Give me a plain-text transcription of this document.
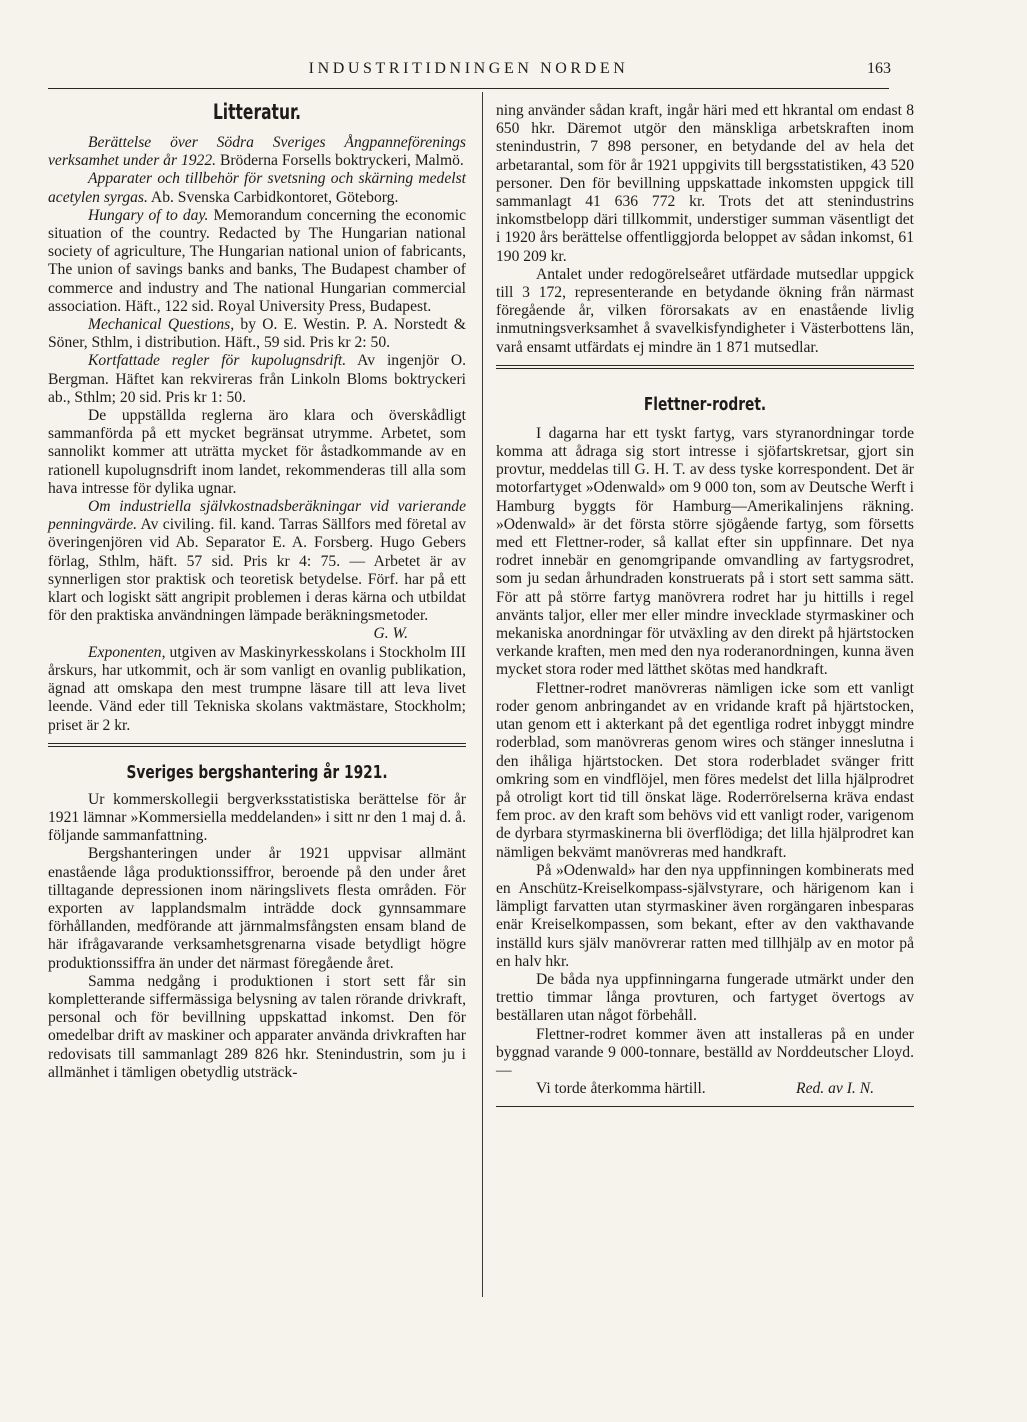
INDUSTRITIDNINGEN NORDEN	163
Litteratur.

Berättelse över Södra Sveriges Ångpanneförenings verksamhet under år 1922. Bröderna Forsells boktryckeri, Malmö.

Apparater och tillbehör för svetsning och skärning medelst acetylen syrgas. Ab. Svenska Carbidkontoret, Göteborg.

Hungary of to day. Memorandum concerning the economic situation of the country. Redacted by The Hungarian national society of agriculture, The Hungarian national union of fabricants, The union of savings banks and banks, The Budapest chamber of commerce and industry and The national Hungarian commercial association. Häft., 122 sid. Royal University Press, Budapest.

Mechanical Questions, by O. E. Westin. P. A. Norstedt & Söner, Sthlm, i distribution. Häft., 59 sid. Pris kr 2: 50.

Kortfattade regler för kupolugnsdrift. Av ingenjör O. Bergman. Häftet kan rekvireras från Linkoln Bloms boktryckeri ab., Sthlm; 20 sid. Pris kr 1: 50.

De uppställda reglerna äro klara och överskådligt sammanförda på ett mycket begränsat utrymme. Arbetet, som sannolikt kommer att uträtta mycket för åstadkommande av en rationell kupolugnsdrift inom landet, rekommenderas till alla som hava intresse för dylika ugnar.

Om industriella självkostnadsberäkningar vid varierande penningvärde. Av civiling. fil. kand. Tarras Sällfors med företal av överingenjören vid Ab. Separator E. A. Forsberg. Hugo Gebers förlag, Sthlm, häft. 57 sid. Pris kr 4: 75. — Arbetet är av synnerligen stor praktisk och teoretisk betydelse. Förf. har på ett klart och logiskt sätt angripit problemen i deras kärna och utbildat för den praktiska användningen lämpade beräkningsmetoder.

G. W.

Exponenten, utgiven av Maskinyrkesskolans i Stockholm III årskurs, har utkommit, och är som vanligt en ovanlig publikation, ägnad att omskapa den mest trumpne läsare till att leva livet leende. Vänd eder till Tekniska skolans vaktmästare, Stockholm; priset är 2 kr.

Sveriges bergshantering år 1921.

Ur kommerskollegii bergverksstatistiska berättelse för år 1921 lämnar »Kommersiella meddelanden» i sitt nr den 1 maj d. å. följande sammanfattning.

Bergshanteringen under år 1921 uppvisar allmänt enastående låga produktionssiffror, beroende på den under året tilltagande depressionen inom näringslivets flesta områden. För exporten av lapplandsmalm inträdde dock gynnsammare förhållanden, medförande att järnmalmsfångsten ensam bland de här ifrågavarande verksamhetsgrenarna visade betydligt högre produktionssiffra än under det närmast föregående året.

Samma nedgång i produktionen i stort sett får sin kompletterande siffermässiga belysning av talen rörande drivkraft, personal och för bevillning uppskattad inkomst. Den för omedelbar drift av maskiner och apparater använda drivkraften har redovisats till sammanlagt 289 826 hkr. Stenindustrin, som ju i allmänhet i tämligen obetydlig utsträck-

ning använder sådan kraft, ingår häri med ett hkrantal om endast 8 650 hkr. Däremot utgör den mänskliga arbetskraften inom stenindustrin, 7 898 personer, en betydande del av hela det arbetarantal, som för år 1921 uppgivits till bergsstatistiken, 43 520 personer. Den för bevillning uppskattade inkomsten uppgick till sammanlagt 41 636 772 kr. Trots det att stenindustrins inkomstbelopp däri tillkommit, understiger summan väsentligt det i 1920 års berättelse offentliggjorda beloppet av sådan inkomst, 61 190 209 kr.

Antalet under redogörelseåret utfärdade mutsedlar uppgick till 3 172, representerande en betydande ökning från närmast föregående år, vilken förorsakats av en enastående livlig inmutningsverksamhet å svavelkisfyndigheter i Västerbottens län, varå ensamt utfärdats ej mindre än 1 871 mutsedlar.

Flettner-rodret.

I dagarna har ett tyskt fartyg, vars styranordningar torde komma att ådraga sig stort intresse i sjöfartskretsar, gjort sin provtur, meddelas till G. H. T. av dess tyske korrespondent. Det är motorfartyget »Odenwald» om 9 000 ton, som av Deutsche Werft i Hamburg byggts för Hamburg—Amerikalinjens räkning. »Odenwald» är det första större sjögående fartyg, som försetts med ett Flettner-roder, så kallat efter sin uppfinnare. Det nya rodret innebär en genomgripande omvandling av fartygsrodret, som ju sedan århundraden konstruerats på i stort sett samma sätt. För att på större fartyg manövrera rodret har ju hittills i regel använts taljor, eller mer eller mindre invecklade styrmaskiner och mekaniska anordningar för utväxling av den direkt på hjärtstocken verkande kraften, men med den nya roderanordningen, kunna även mycket stora roder med lätthet skötas med handkraft.

Flettner-rodret manövreras nämligen icke som ett vanligt roder genom anbringandet av en vridande kraft på hjärtstocken, utan genom ett i akterkant på det egentliga rodret inbyggt mindre roderblad, som manövreras genom wires och stänger inneslutna i den ihåliga hjärtstocken. Det stora roderbladet svänger fritt omkring som en vindflöjel, men föres medelst det lilla hjälprodret på otroligt kort tid till önskat läge. Roderrörelserna kräva endast fem proc. av den kraft som behövs vid ett vanligt roder, varigenom de dyrbara styrmaskinerna bli överflödiga; det lilla hjälprodret kan nämligen bekvämt manövreras med handkraft.

På »Odenwald» har den nya uppfinningen kombinerats med en Anschütz-Kreiselkompass-självstyrare, och härigenom kan i lämpligt farvatten utan styrmaskiner även rorgängaren inbesparas enär Kreiselkompassen, som bekant, efter av den vakthavande inställd kurs själv manövrerar ratten med tillhjälp av en motor på en halv hkr.

De båda nya uppfinningarna fungerade utmärkt under den trettio timmar långa provturen, och fartyget övertogs av beställaren utan något förbehåll.

Flettner-rodret kommer även att installeras på en under byggnad varande 9 000-tonnare, beställd av Norddeutscher Lloyd. —

Vi torde återkomma härtill.	Red. av I. N.
